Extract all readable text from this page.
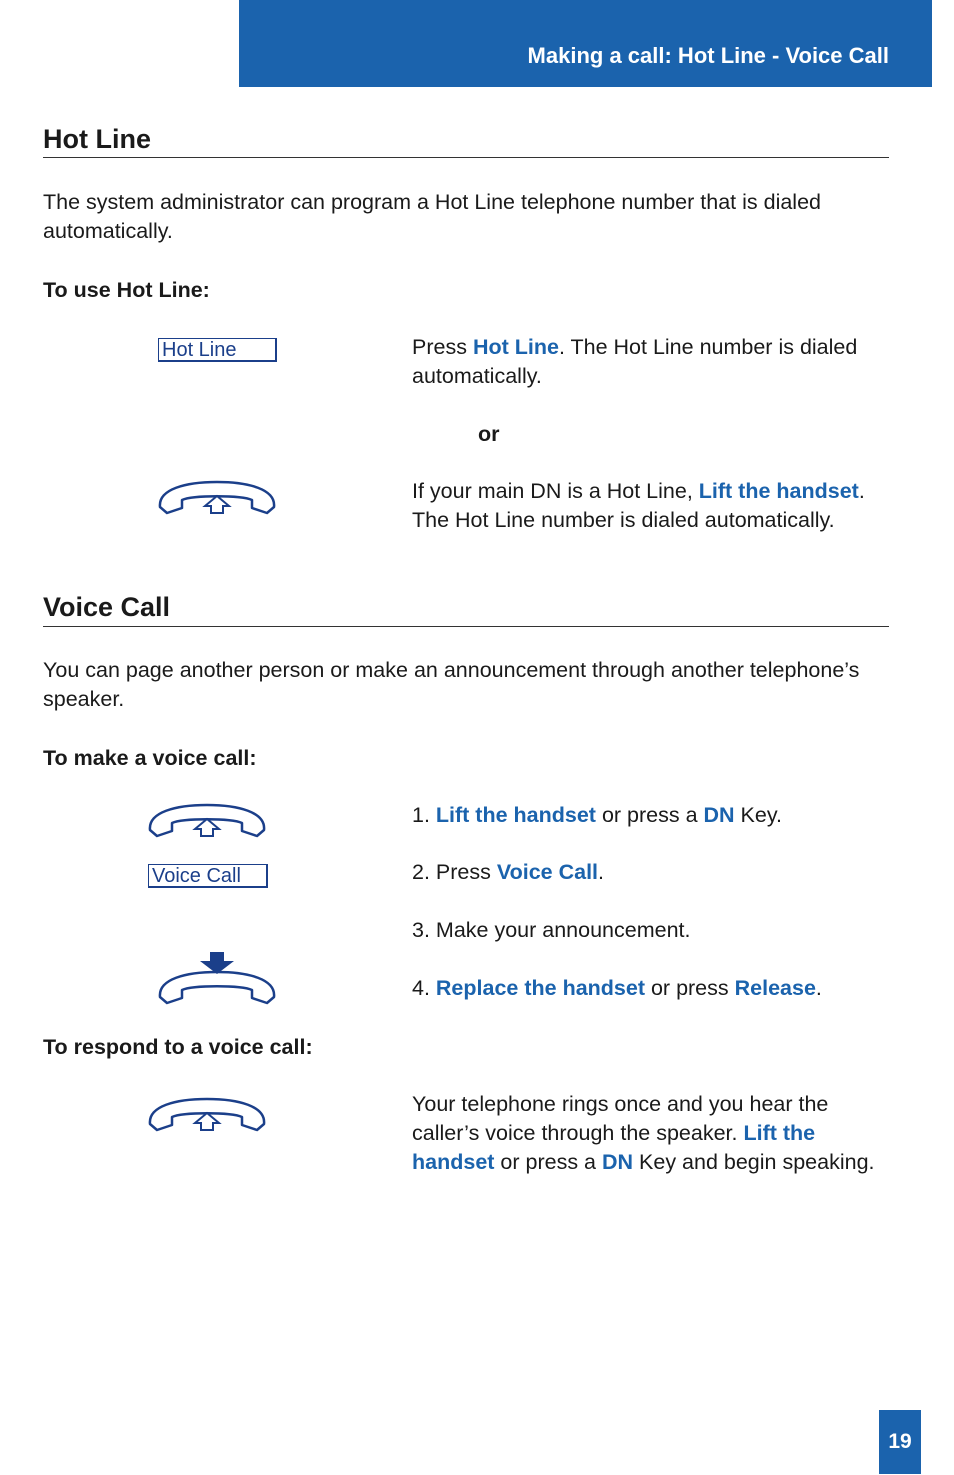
Making a call: Hot Line - Voice Call
Hot Line
The system administrator can program a Hot Line telephone number that is dialed automatically.
To use Hot Line:
Hot Line	Press Hot Line. The Hot Line number is dialed automatically.
or
If your main DN is a Hot Line, Lift the handset. The Hot Line number is dialed automatically.
Voice Call
You can page another person or make an announcement through another telephone’s speaker.
To make a voice call:
1. Lift the handset or press a DN Key.
Voice Call	2. Press Voice Call.
3. Make your announcement.
4. Replace the handset or press Release.
To respond to a voice call:
Your telephone rings once and you hear the caller’s voice through the speaker. Lift the handset or press a DN Key and begin speaking.
19
